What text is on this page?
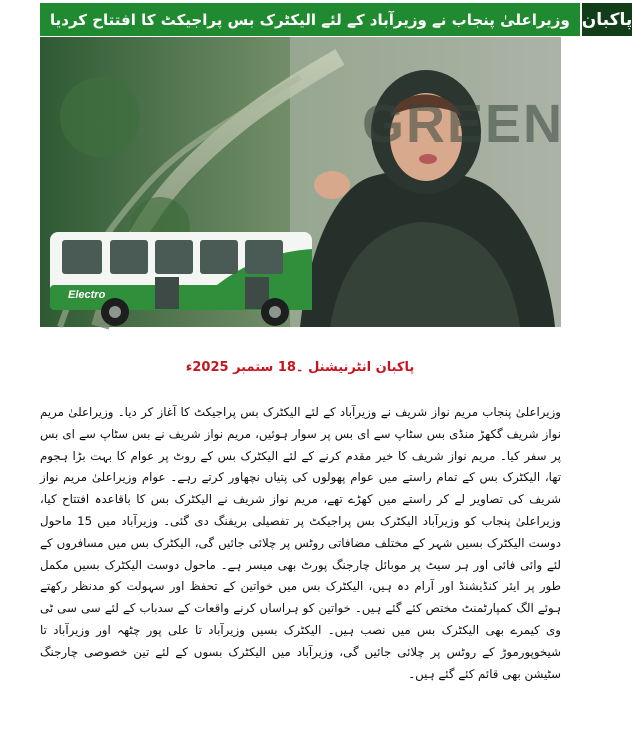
وزیراعلیٰ پنجاب نے وزیرآباد کے لئے الیکٹرک بس پراجیکٹ کا افتتاح کردیا پاکبان
Electro
GREEN
پاکبان انٹرنیشنل ۔18 ستمبر 2025ء
وزیراعلیٰ پنجاب مریم نواز شریف نے وزیرآباد کے لئے الیکٹرک بس پراجیکٹ کا آغاز کر دیا۔ وزیراعلیٰ مریم نواز شریف گکھڑ منڈی بس سٹاپ سے ای بس پر سوار ہوئیں، مریم نواز شریف نے بس سٹاپ سے ای بس پر سفر کیا۔ مریم نواز شریف کا خیر مقدم کرنے کے لئے الیکٹرک بس کے روٹ پر عوام کا بہت بڑا ہجوم تھا، الیکٹرک بس کے تمام راستے میں عوام پھولوں کی پتیاں نچھاور کرتے رہے۔ عوام وزیراعلیٰ مریم نواز شریف کی تصاویر لے کر راستے میں کھڑے تھے، مریم نواز شریف نے الیکٹرک بس کا باقاعدہ افتتاح کیا، وزیراعلیٰ پنجاب کو وزیرآباد الیکٹرک بس پراجیکٹ پر تفصیلی بریفنگ دی گئی۔ وزیرآباد میں 15 ماحول دوست الیکٹرک بسیں شہر کے مختلف مضافاتی روٹس پر چلائی جائیں گی، الیکٹرک بس میں مسافروں کے لئے وائی فائی اور ہر سیٹ پر موبائل چارجنگ پورٹ بھی میسر ہے۔ ماحول دوست الیکٹرک بسیں مکمل طور پر ایئر کنڈیشنڈ اور آرام دہ ہیں، الیکٹرک بس میں خواتین کے تحفظ اور سہولت کو مدنظر رکھتے ہوئے الگ کمپارٹمنٹ مختص کئے گئے ہیں۔ خواتین کو ہراساں کرنے واقعات کے سدباب کے لئے سی سی ٹی وی کیمرے بھی الیکٹرک بس میں نصب ہیں۔ الیکٹرک بسیں وزیرآباد تا علی پور چٹھہ اور وزیرآباد تا شیخوپورموڑ کے روٹس پر چلائی جائیں گی، وزیرآباد میں الیکٹرک بسوں کے لئے تین خصوصی چارجنگ سٹیشن بھی قائم کئے گئے ہیں۔
